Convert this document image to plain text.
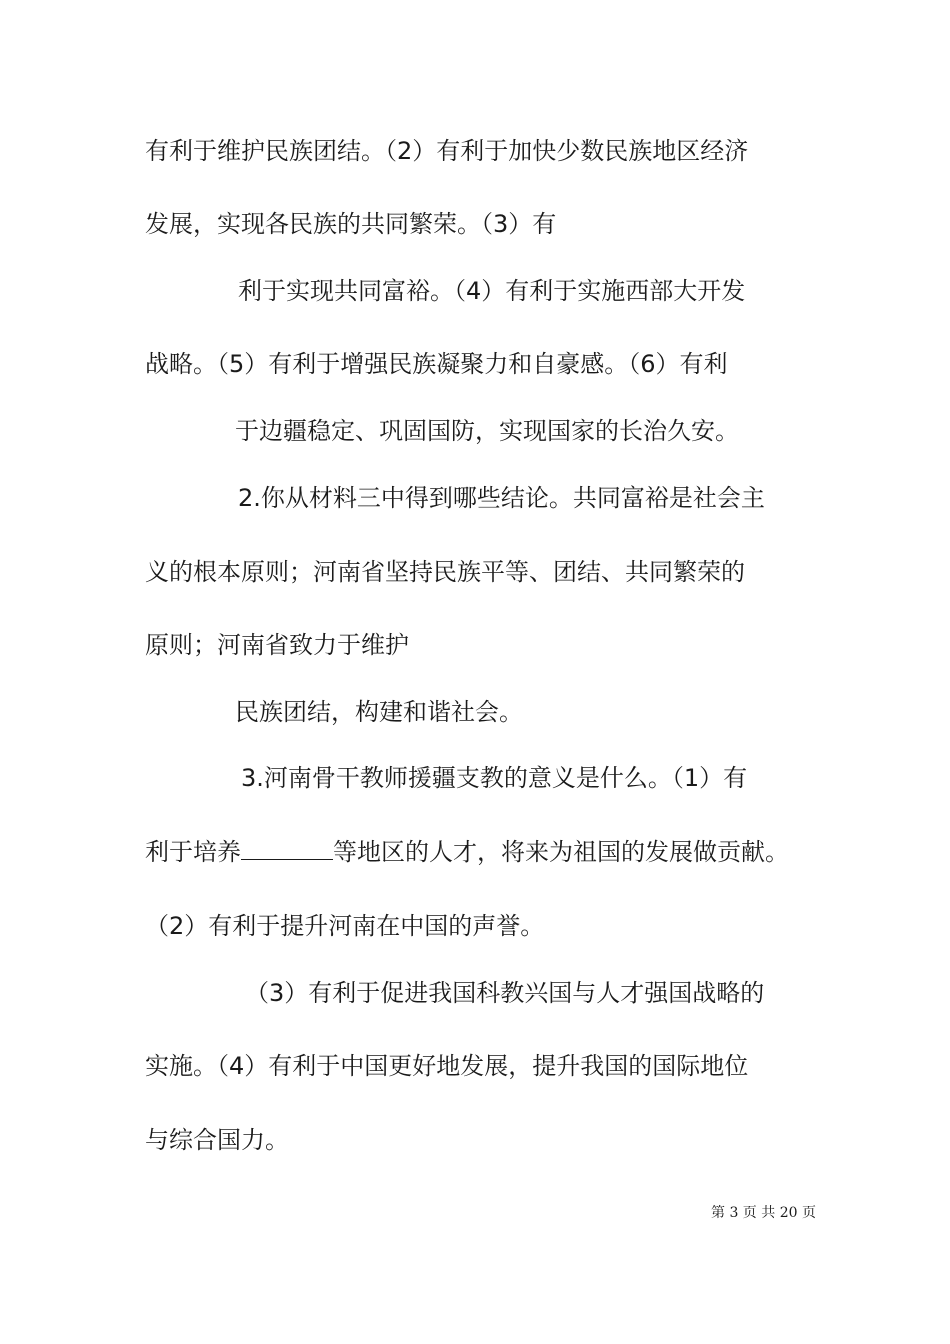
有利于维护民族团结。（2）有利于加快少数民族地区经济
发展，实现各民族的共同繁荣。（3）有
利于实现共同富裕。（4）有利于实施西部大开发
战略。（5）有利于增强民族凝聚力和自豪感。（6）有利
于边疆稳定、巩固国防，实现国家的长治久安。
2.你从材料三中得到哪些结论。共同富裕是社会主
义的根本原则；河南省坚持民族平等、团结、共同繁荣的
原则；河南省致力于维护
民族团结，构建和谐社会。
3.河南骨干教师援疆支教的意义是什么。（1）有
利于培养	等地区的人才，将来为祖国的发展做贡献。
（2）有利于提升河南在中国的声誉。
（3）有利于促进我国科教兴国与人才强国战略的
实施。（4）有利于中国更好地发展，提升我国的国际地位
与综合国力。
第 3 页 共 20 页
